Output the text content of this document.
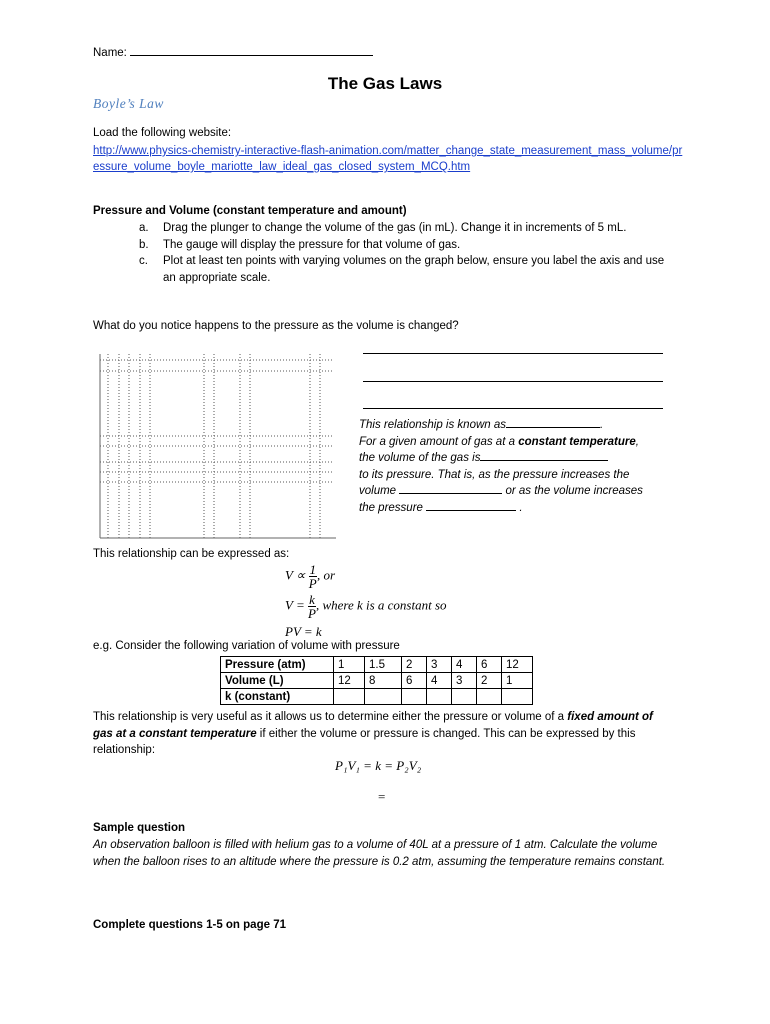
Name:
The Gas Laws
Boyle’s Law
Load the following website:
http://www.physics-chemistry-interactive-flash-animation.com/matter_change_state_measurement_mass_volume/pressure_volume_boyle_mariotte_law_ideal_gas_closed_system_MCQ.htm
Pressure and Volume (constant temperature and amount)
a. Drag the plunger to change the volume of the gas (in mL). Change it in increments of 5 mL.
b. The gauge will display the pressure for that volume of gas.
c. Plot at least ten points with varying volumes on the graph below, ensure you label the axis and use an appropriate scale.
What do you notice happens to the pressure as the volume is changed?
This relationship is known as	.
For a given amount of gas at a constant temperature,
the volume of the gas is
to its pressure. That is, as the pressure increases the
volume	or as the volume increases
the pressure	.
This relationship can be expressed as:
$V \propto \frac{1}{P}$ , or
$V = \frac{k}{P}$ , where k is a constant so
PV = k
e.g. Consider the following variation of volume with pressure
Pressure (atm)	1	1.5	2	3	4	6	12
Volume (L)	12	8	6	4	3	2	1
k (constant)							
This relationship is very useful as it allows us to determine either the pressure or volume of a fixed amount of gas at a constant temperature if either the volume or pressure is changed. This can be expressed by this relationship:
P₁V₁ = k = P₂V₂
=
Sample question
An observation balloon is filled with helium gas to a volume of 40L at a pressure of 1 atm. Calculate the volume when the balloon rises to an altitude where the pressure is 0.2 atm, assuming the temperature remains constant.
Complete questions 1-5 on page 71
